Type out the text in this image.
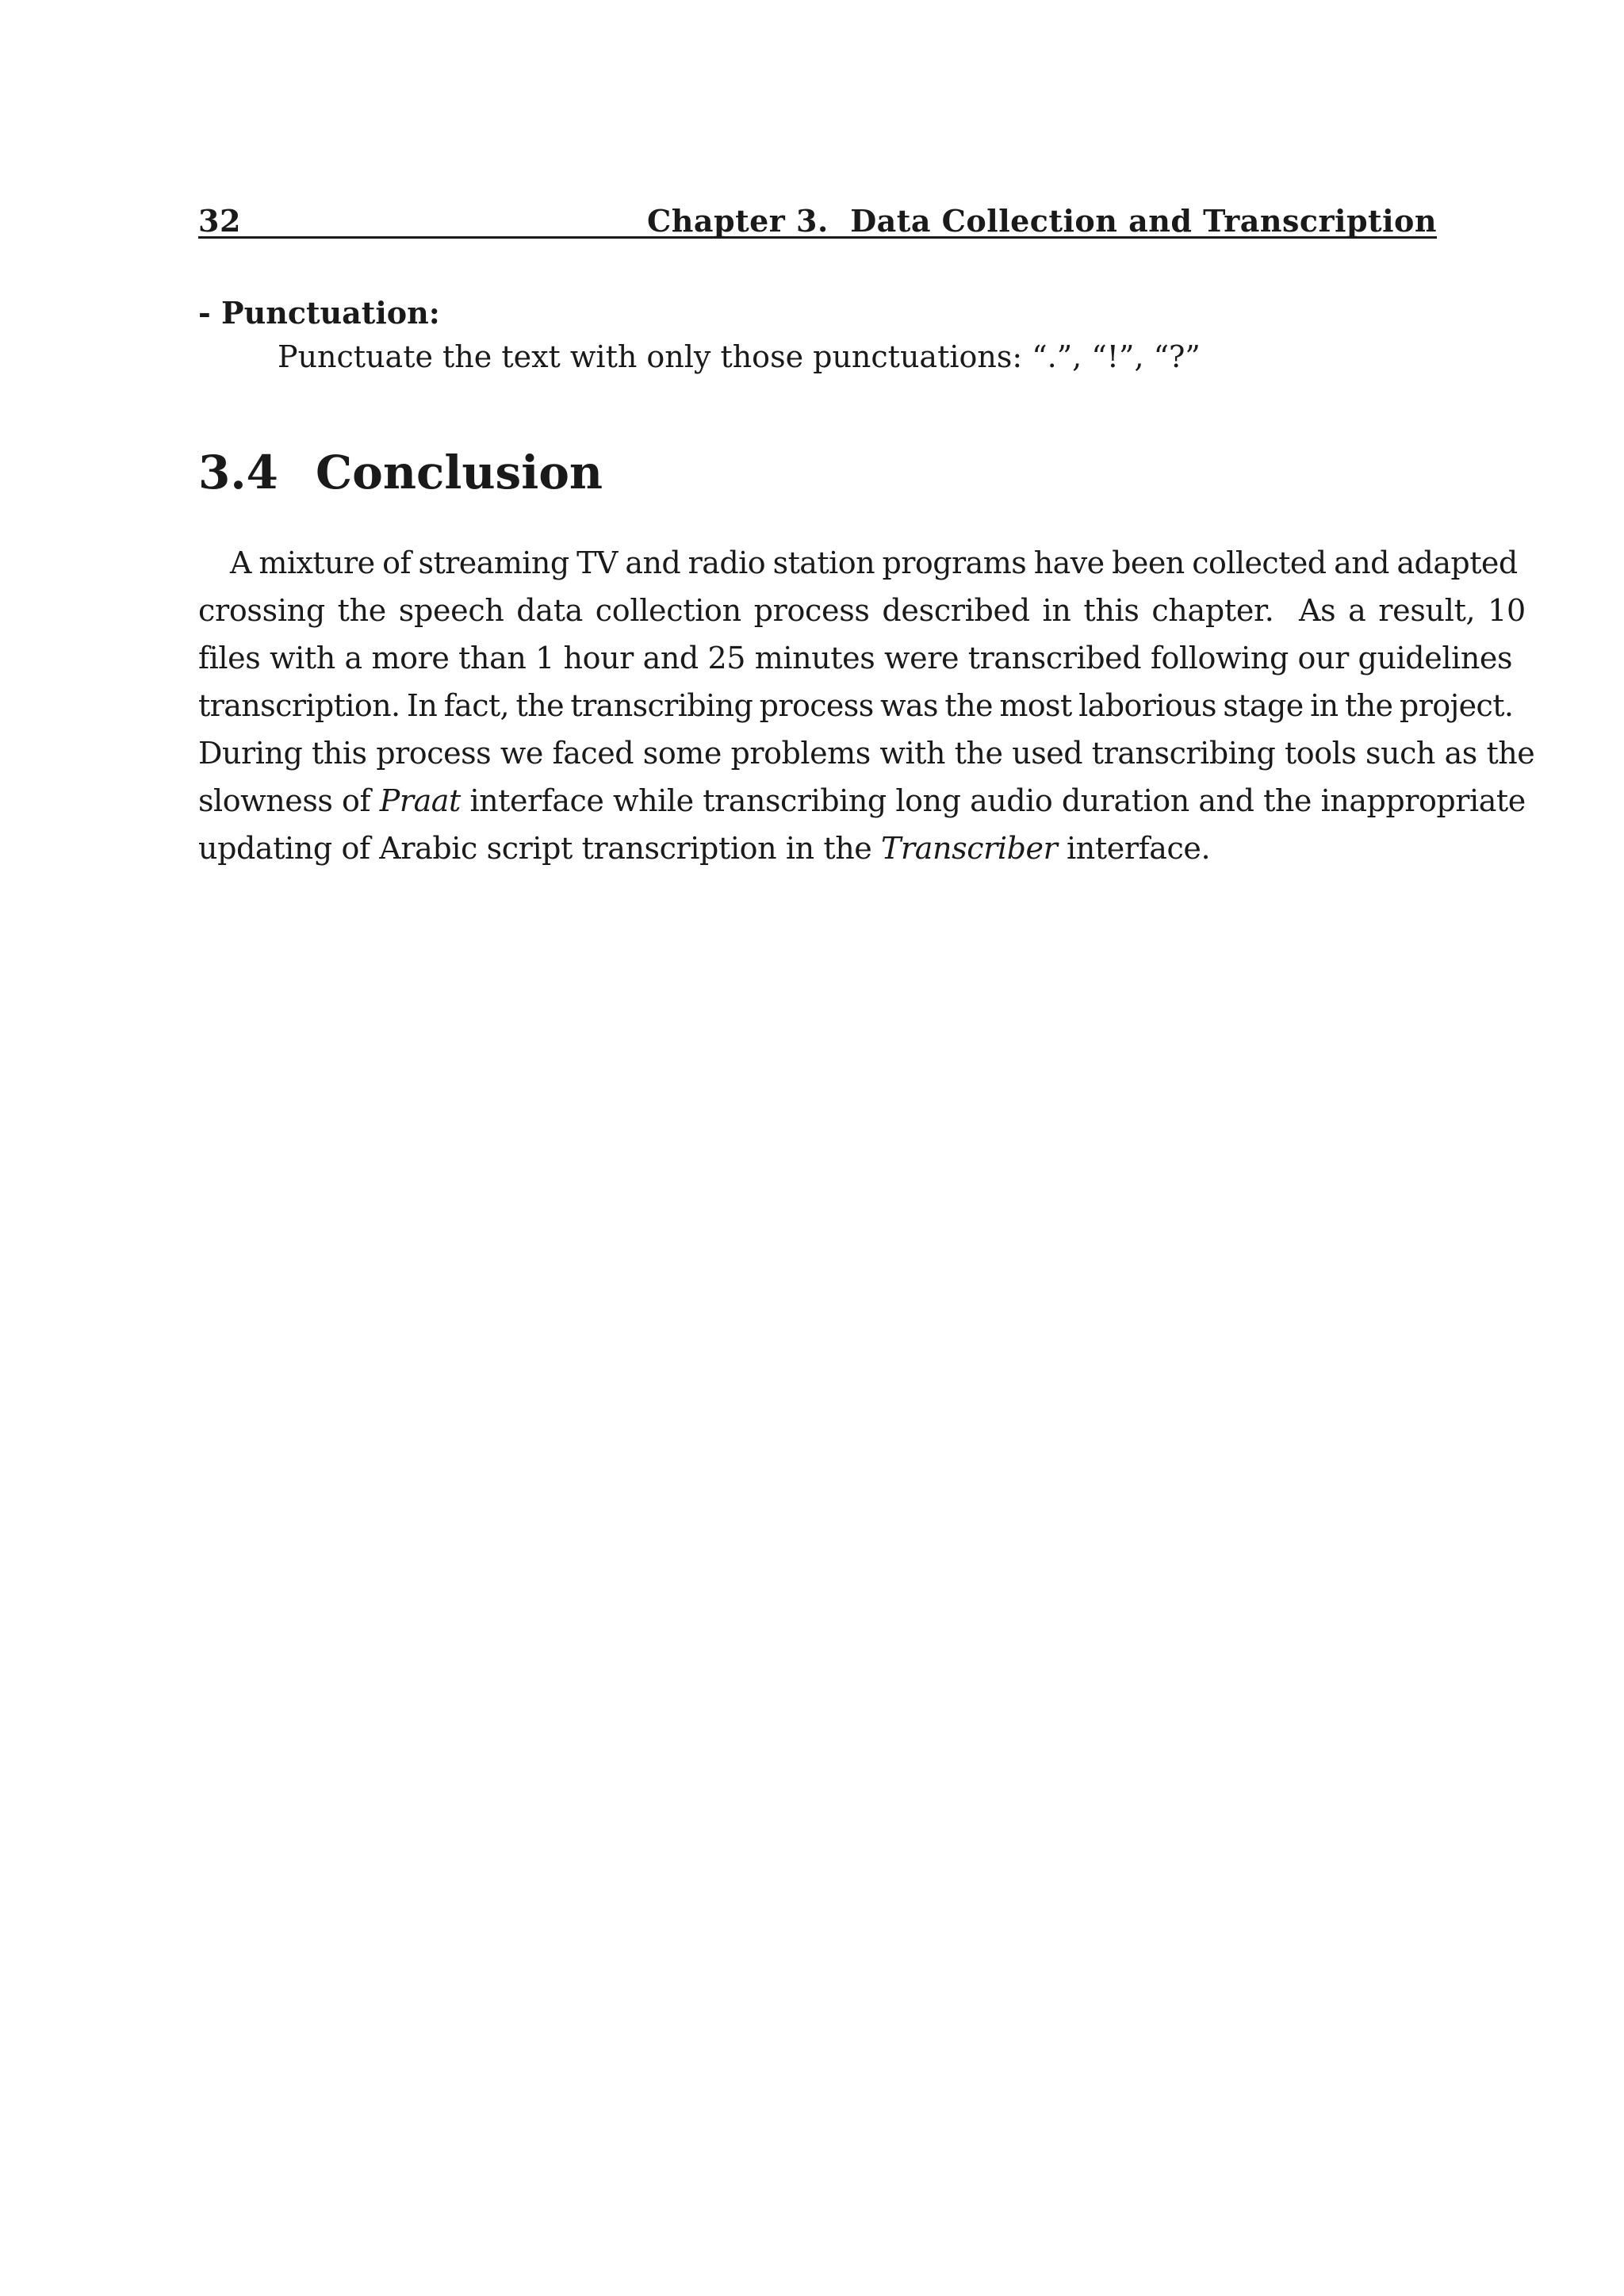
32	Chapter 3.  Data Collection and Transcription
- Punctuation:
Punctuate the text with only those punctuations: “.”, “!”, “?”
3.4 Conclusion
A mixture of streaming TV and radio station programs have been collected and adapted
crossing the speech data collection process described in this chapter.  As a result, 10
files with a more than 1 hour and 25 minutes were transcribed following our guidelines
transcription. In fact, the transcribing process was the most laborious stage in the project.
During this process we faced some problems with the used transcribing tools such as the
slowness of Praat interface while transcribing long audio duration and the inappropriate
updating of Arabic script transcription in the Transcriber interface.
